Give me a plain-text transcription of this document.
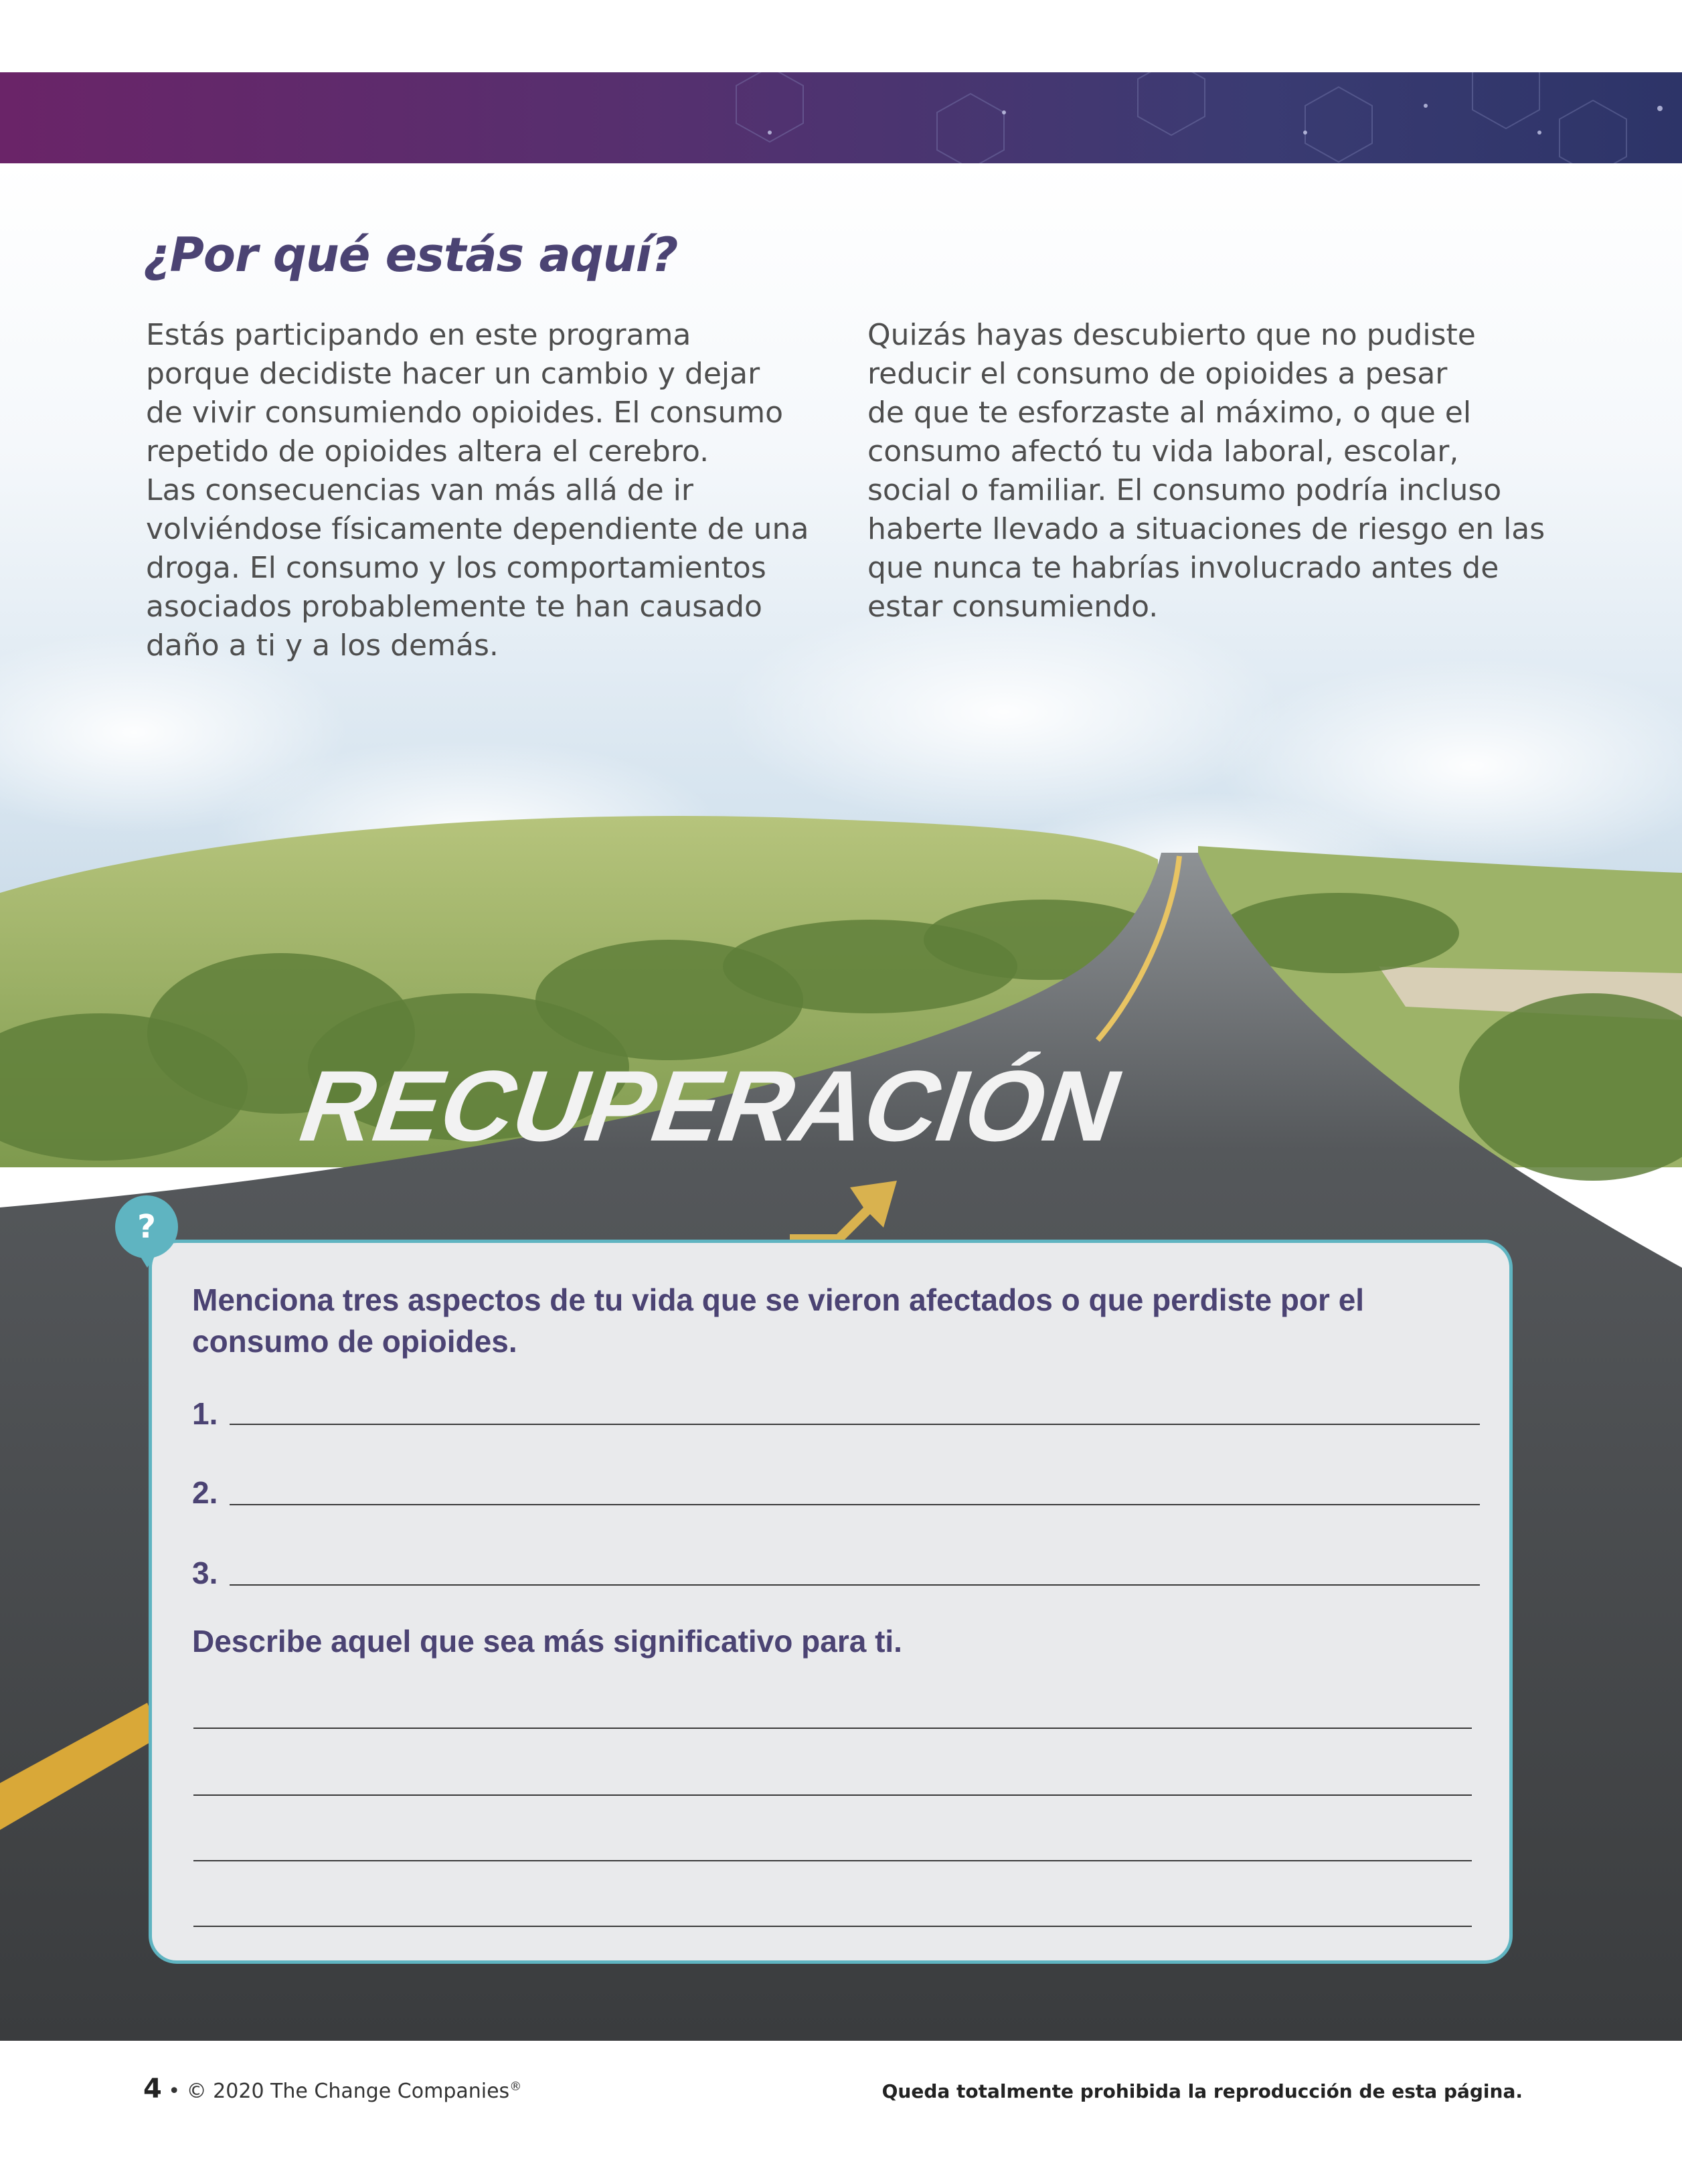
RECUPERACIÓN
¿Por qué estás aquí?
Estás participando en este programa
porque decidiste hacer un cambio y dejar
de vivir consumiendo opioides. El consumo
repetido de opioides altera el cerebro.
Las consecuencias van más allá de ir
volviéndose físicamente dependiente de una
droga. El consumo y los comportamientos
asociados probablemente te han causado
daño a ti y a los demás.
Quizás hayas descubierto que no pudiste
reducir el consumo de opioides a pesar
de que te esforzaste al máximo, o que el
consumo afectó tu vida laboral, escolar,
social o familiar. El consumo podría incluso
haberte llevado a situaciones de riesgo en las
que nunca te habrías involucrado antes de
estar consumiendo.
Menciona tres aspectos de tu vida que se vieron afectados o que perdiste por el consumo de opioides.
1.
2.
3.
Describe aquel que sea más significativo para ti.
?
4 • © 2020 The Change Companies®	Queda totalmente prohibida la reproducción de esta página.
